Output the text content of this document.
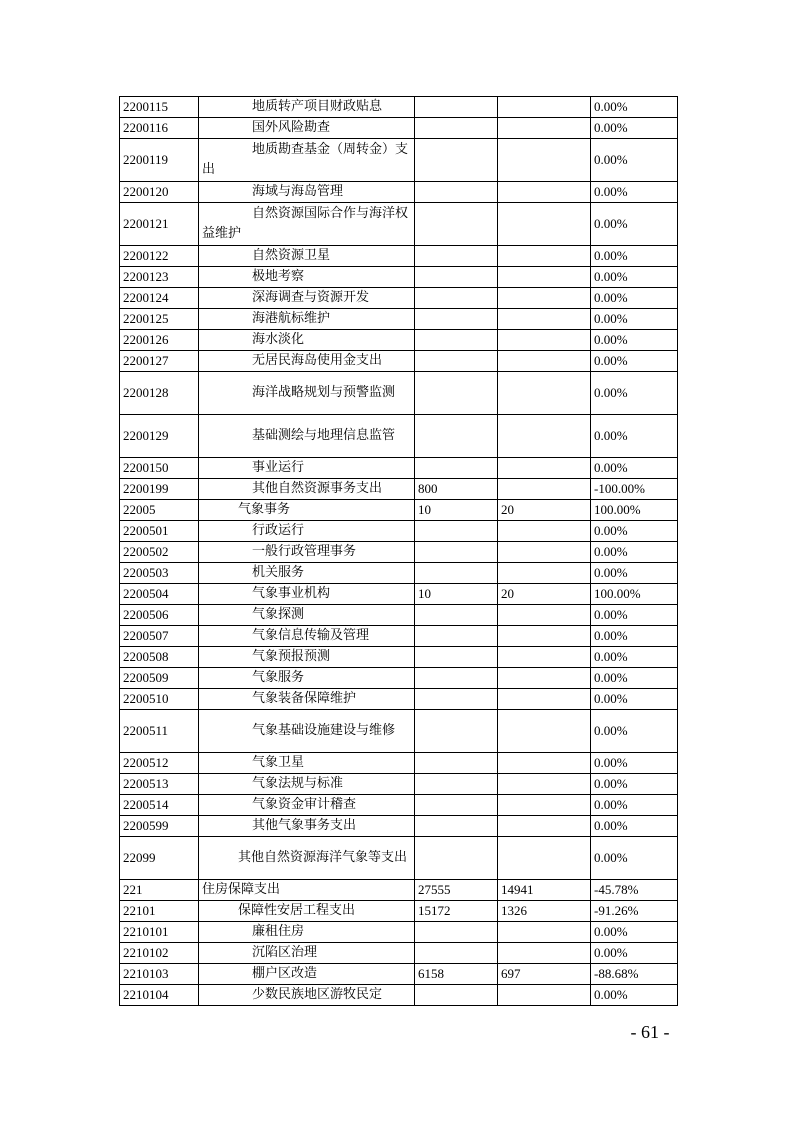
2200115	地质转产项目财政贴息			0.00%
2200116	国外风险勘查			0.00%
2200119	地质勘查基金（周转金）支出			0.00%
2200120	海域与海岛管理			0.00%
2200121	自然资源国际合作与海洋权益维护			0.00%
2200122	自然资源卫星			0.00%
2200123	极地考察			0.00%
2200124	深海调查与资源开发			0.00%
2200125	海港航标维护			0.00%
2200126	海水淡化			0.00%
2200127	无居民海岛使用金支出			0.00%
2200128	海洋战略规划与预警监测			0.00%
2200129	基础测绘与地理信息监管			0.00%
2200150	事业运行			0.00%
2200199	其他自然资源事务支出	800		-100.00%
22005	气象事务	10	20	100.00%
2200501	行政运行			0.00%
2200502	一般行政管理事务			0.00%
2200503	机关服务			0.00%
2200504	气象事业机构	10	20	100.00%
2200506	气象探测			0.00%
2200507	气象信息传输及管理			0.00%
2200508	气象预报预测			0.00%
2200509	气象服务			0.00%
2200510	气象装备保障维护			0.00%
2200511	气象基础设施建设与维修			0.00%
2200512	气象卫星			0.00%
2200513	气象法规与标准			0.00%
2200514	气象资金审计稽查			0.00%
2200599	其他气象事务支出			0.00%
22099	其他自然资源海洋气象等支出			0.00%
221	住房保障支出	27555	14941	-45.78%
22101	保障性安居工程支出	15172	1326	-91.26%
2210101	廉租住房			0.00%
2210102	沉陷区治理			0.00%
2210103	棚户区改造	6158	697	-88.68%
2210104	少数民族地区游牧民定			0.00%
- 61 -
